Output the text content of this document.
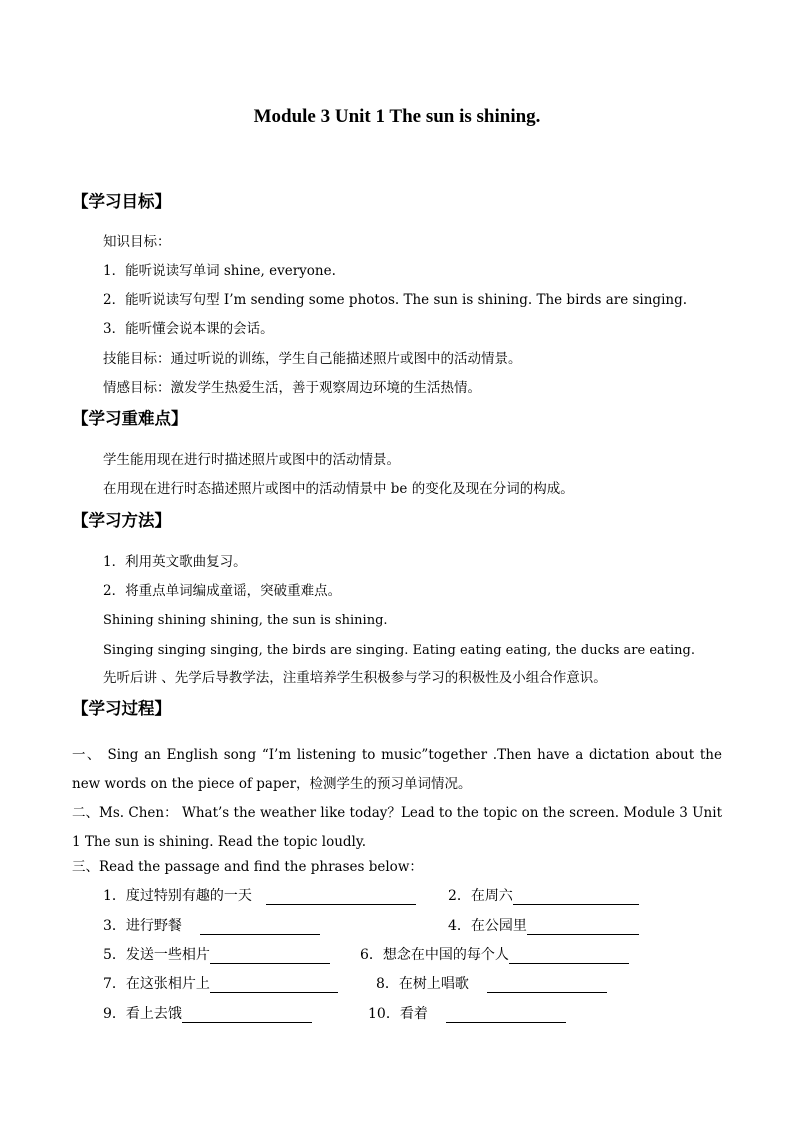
Module 3 Unit 1 The sun is shining.
【学习目标】
知识目标：
1．能听说读写单词 shine, everyone.
2．能听说读写句型 I’m sending some photos. The sun is shining. The birds are singing.
3．能听懂会说本课的会话。
技能目标：通过听说的训练，学生自己能描述照片或图中的活动情景。
情感目标：激发学生热爱生活，善于观察周边环境的生活热情。
【学习重难点】
学生能用现在进行时描述照片或图中的活动情景。
在用现在进行时态描述照片或图中的活动情景中 be 的变化及现在分词的构成。
【学习方法】
1．利用英文歌曲复习。
2．将重点单词编成童谣，突破重难点。
Shining shining shining, the sun is shining.
Singing singing singing, the birds are singing. Eating eating eating, the ducks are eating.
先听后讲 、先学后导教学法，注重培养学生积极参与学习的积极性及小组合作意识。
【学习过程】
一、 Sing an English song “I’m listening to music”together .Then have a dictation about the new words on the piece of paper，检测学生的预习单词情况。
二、Ms. Chen： What’s the weather like today？Lead to the topic on the screen. Module 3 Unit 1 The sun is shining. Read the topic loudly.
三、Read the passage and find the phrases below：
1．度过特别有趣的一天	2．在周六
3．进行野餐	4．在公园里
5．发送一些相片	6．想念在中国的每个人
7．在这张相片上	8．在树上唱歌
9．看上去饿	10．看着
